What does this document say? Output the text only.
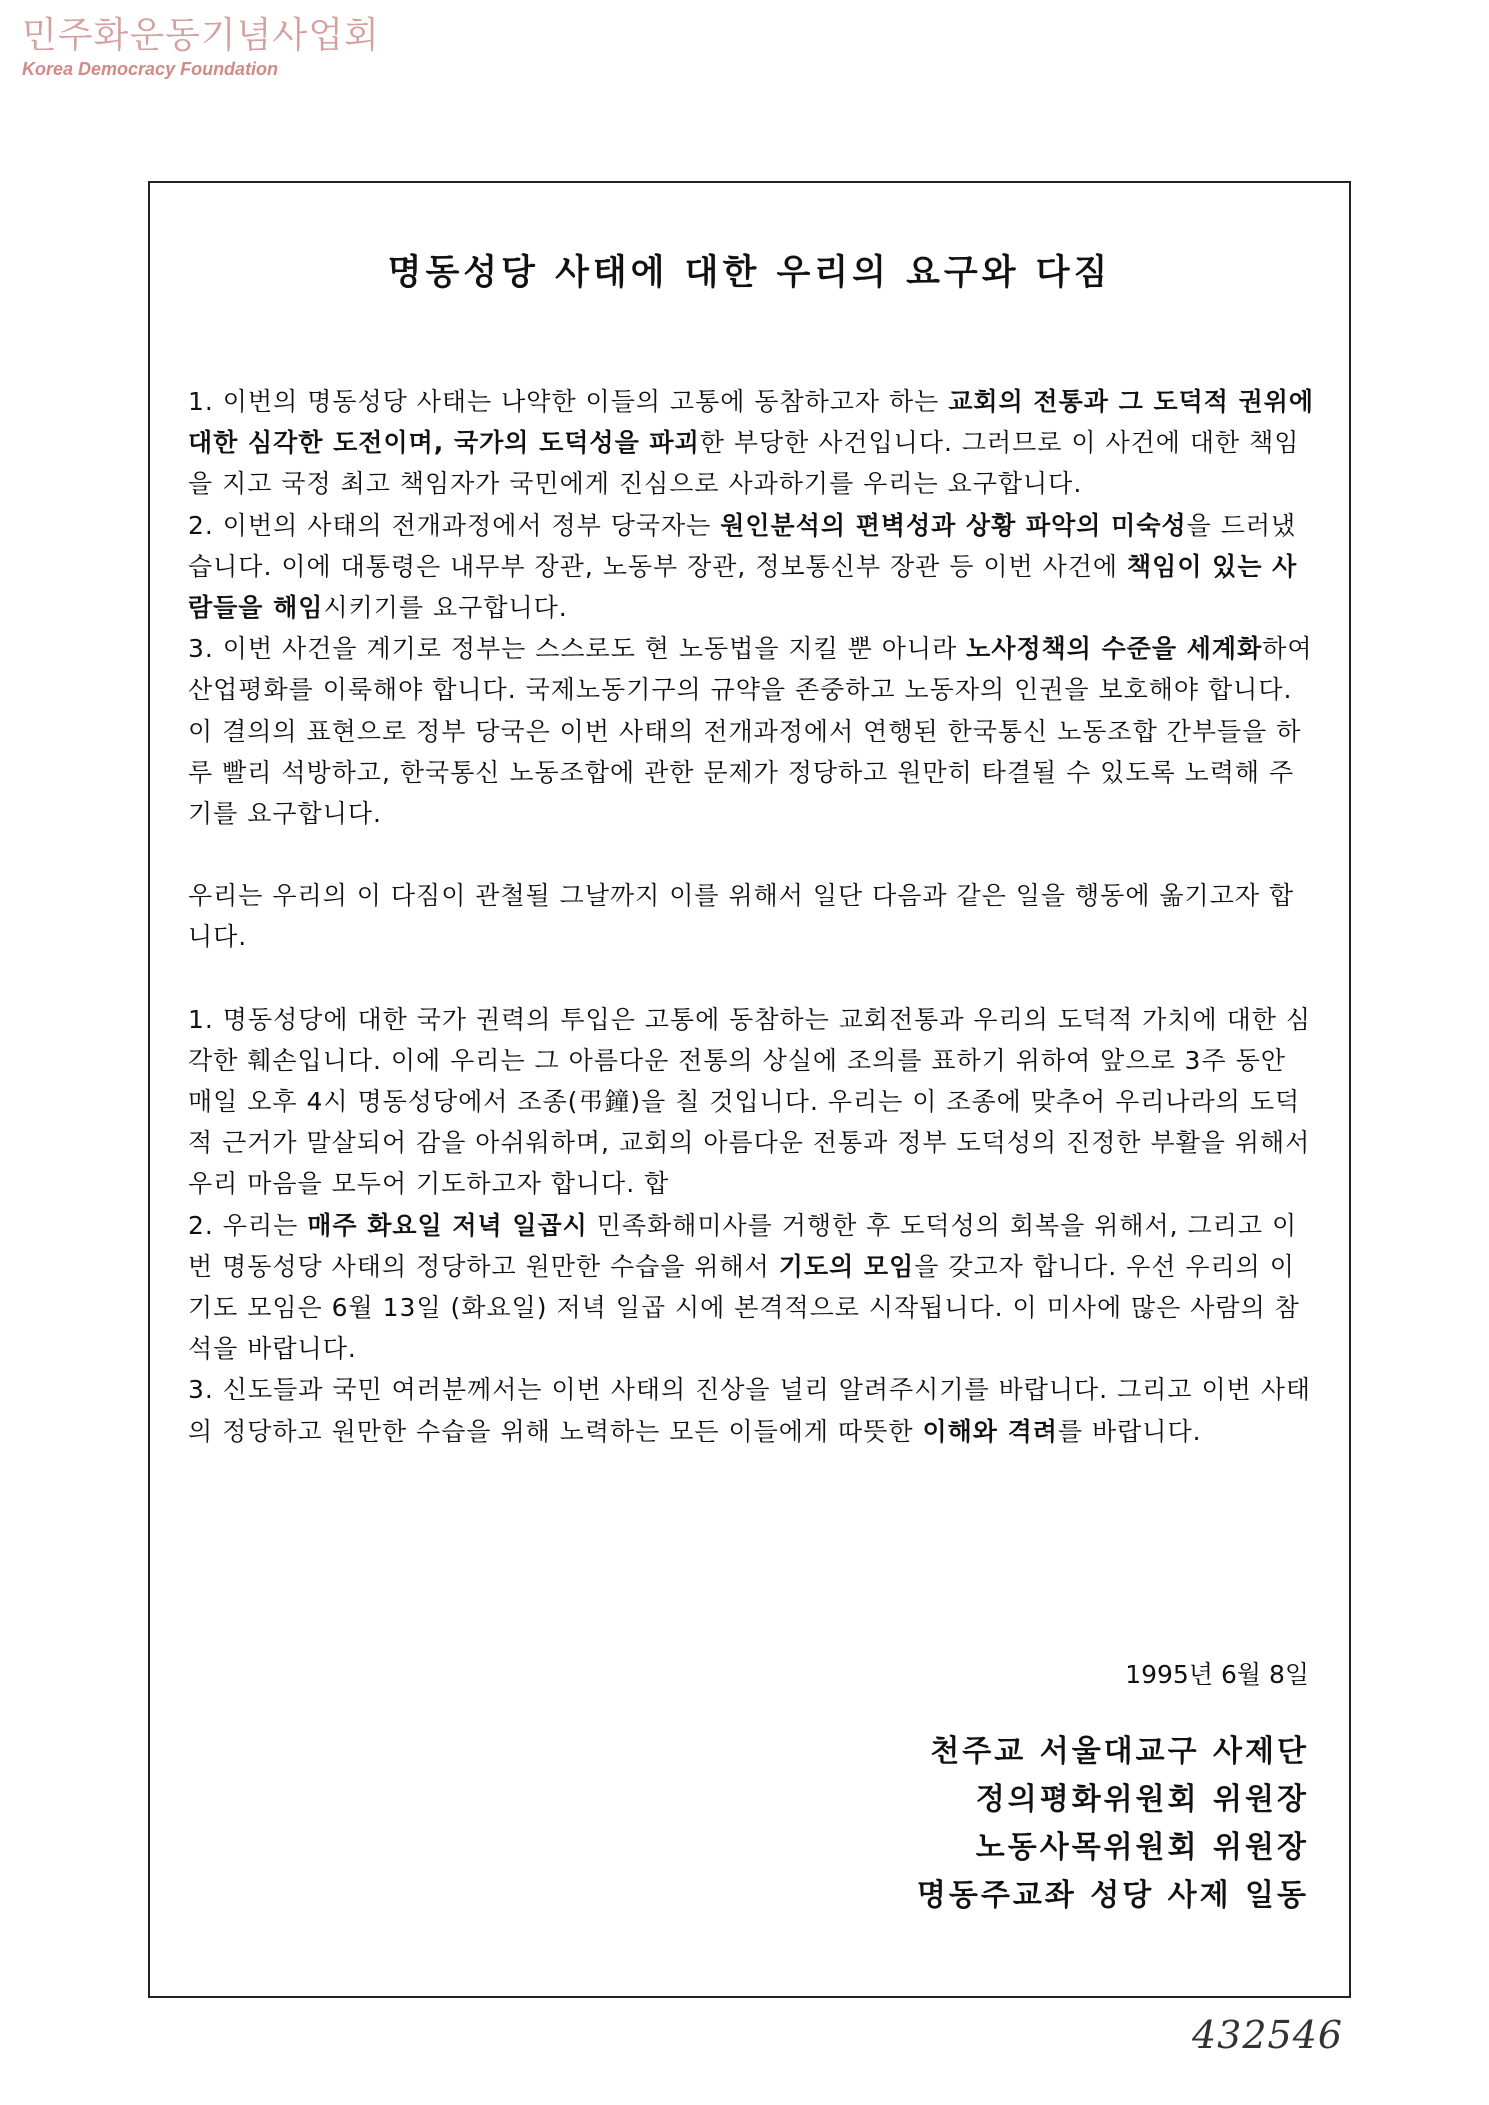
민주화운동기념사업회
Korea Democracy Foundation
명동성당 사태에 대한 우리의 요구와 다짐

1. 이번의 명동성당 사태는 나약한 이들의 고통에 동참하고자 하는 교회의 전통과 그 도덕적 권위에 대한 심각한 도전이며, 국가의 도덕성을 파괴한 부당한 사건입니다. 그러므로 이 사건에 대한 책임을 지고 국정 최고 책임자가 국민에게 진심으로 사과하기를 우리는 요구합니다.

2. 이번의 사태의 전개과정에서 정부 당국자는 원인분석의 편벽성과 상황 파악의 미숙성을 드러냈습니다. 이에 대통령은 내무부 장관, 노동부 장관, 정보통신부 장관 등 이번 사건에 책임이 있는 사람들을 해임시키기를 요구합니다.

3. 이번 사건을 계기로 정부는 스스로도 현 노동법을 지킬 뿐 아니라 노사정책의 수준을 세계화하여 산업평화를 이룩해야 합니다. 국제노동기구의 규약을 존중하고 노동자의 인권을 보호해야 합니다. 이 결의의 표현으로 정부 당국은 이번 사태의 전개과정에서 연행된 한국통신 노동조합 간부들을 하루 빨리 석방하고, 한국통신 노동조합에 관한 문제가 정당하고 원만히 타결될 수 있도록 노력해 주기를 요구합니다.

우리는 우리의 이 다짐이 관철될 그날까지 이를 위해서 일단 다음과 같은 일을 행동에 옮기고자 합니다.

1. 명동성당에 대한 국가 권력의 투입은 고통에 동참하는 교회전통과 우리의 도덕적 가치에 대한 심각한 훼손입니다. 이에 우리는 그 아름다운 전통의 상실에 조의를 표하기 위하여 앞으로 3주 동안 매일 오후 4시 명동성당에서 조종(弔鐘)을 칠 것입니다. 우리는 이 조종에 맞추어 우리나라의 도덕적 근거가 말살되어 감을 아쉬워하며, 교회의 아름다운 전통과 정부 도덕성의 진정한 부활을 위해서 우리 마음을 모두어 기도하고자 합니다. 합

2. 우리는 매주 화요일 저녁 일곱시 민족화해미사를 거행한 후 도덕성의 회복을 위해서, 그리고 이번 명동성당 사태의 정당하고 원만한 수습을 위해서 기도의 모임을 갖고자 합니다. 우선 우리의 이 기도 모임은 6월 13일 (화요일) 저녁 일곱 시에 본격적으로 시작됩니다. 이 미사에 많은 사람의 참석을 바랍니다.

3. 신도들과 국민 여러분께서는 이번 사태의 진상을 널리 알려주시기를 바랍니다. 그리고 이번 사태의 정당하고 원만한 수습을 위해 노력하는 모든 이들에게 따뜻한 이해와 격려를 바랍니다.

1995년 6월 8일
천주교 서울대교구 사제단
정의평화위원회 위원장
노동사목위원회 위원장
명동주교좌 성당 사제 일동
432546
